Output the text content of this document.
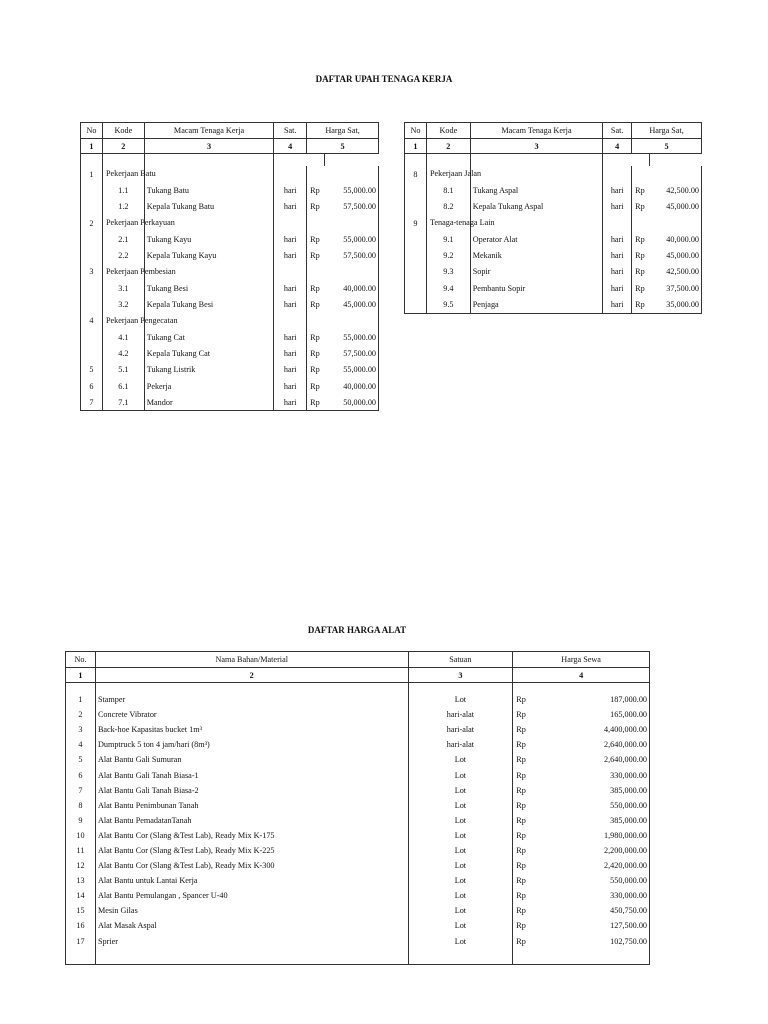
DAFTAR UPAH TENAGA KERJA
No	Kode	Macam Tenaga Kerja	Sat.	Harga Sat,	
1	2	3	4	5	

1	Pekerjaan Batu				

	1.1	Tukang Batu	hari	Rp	55,000.00
	1.2	Kepala Tukang Batu	hari	Rp	57,500.00
2	Pekerjaan Perkayuan				

	2.1	Tukang Kayu	hari	Rp	55,000.00
	2.2	Kepala Tukang Kayu	hari	Rp	57,500.00
3	Pekerjaan Pembesian				

	3.1	Tukang Besi	hari	Rp	40,000.00
	3.2	Kepala Tukang Besi	hari	Rp	45,000.00
4	Pekerjaan Pengecatan				

	4.1	Tukang Cat	hari	Rp	55,000.00
	4.2	Kepala Tukang Cat	hari	Rp	57,500.00
5	5.1	Tukang Listrik	hari	Rp	55,000.00
6	6.1	Pekerja	hari	Rp	40,000.00
7	7.1	Mandor	hari	Rp	50,000.00
No	Kode	Macam Tenaga Kerja	Sat.	Harga Sat,	
1	2	3	4	5	

8	Pekerjaan Jalan				

	8.1	Tukang Aspal	hari	Rp	42,500.00
	8.2	Kepala Tukang Aspal	hari	Rp	45,000.00
9	Tenaga-tenaga Lain				

	9.1	Operator Alat	hari	Rp	40,000.00
	9.2	Mekanik	hari	Rp	45,000.00
	9.3	Sopir	hari	Rp	42,500.00
	9.4	Pembantu Sopir	hari	Rp	37,500.00
	9.5	Penjaga	hari	Rp	35,000.00
DAFTAR HARGA ALAT
No.	Nama Bahan/Material	Satuan	Harga Sewa	
1	2	3	4	

1	Stamper	Lot	Rp	187,000.00
2	Concrete Vibrator	hari-alat	Rp	165,000.00
3	Back-hoe Kapasitas bucket 1m³	hari-alat	Rp	4,400,000.00
4	Dumptruck 5 ton 4 jam/hari (8m³)	hari-alat	Rp	2,640,000.00
5	Alat Bantu Gali Sumuran	Lot	Rp	2,640,000.00
6	Alat Bantu Gali Tanah Biasa-1	Lot	Rp	330,000.00
7	Alat Bantu Gali Tanah Biasa-2	Lot	Rp	385,000.00
8	Alat Bantu Penimbunan Tanah	Lot	Rp	550,000.00
9	Alat Bantu PemadatanTanah	Lot	Rp	385,000.00
10	Alat Bantu Cor (Slang &Test Lab), Ready Mix K-175	Lot	Rp	1,980,000.00
11	Alat Bantu Cor (Slang &Test Lab), Ready Mix K-225	Lot	Rp	2,200,000.00
12	Alat Bantu Cor (Slang &Test Lab), Ready Mix K-300	Lot	Rp	2,420,000.00
13	Alat Bantu untuk Lantai Kerja	Lot	Rp	550,000.00
14	Alat Bantu Pemulangan , Spancer U-40	Lot	Rp	330,000.00
15	Mesin Gilas	Lot	Rp	450,750.00
16	Alat Masak Aspal	Lot	Rp	127,500.00
17	Sprier	Lot	Rp	102,750.00
